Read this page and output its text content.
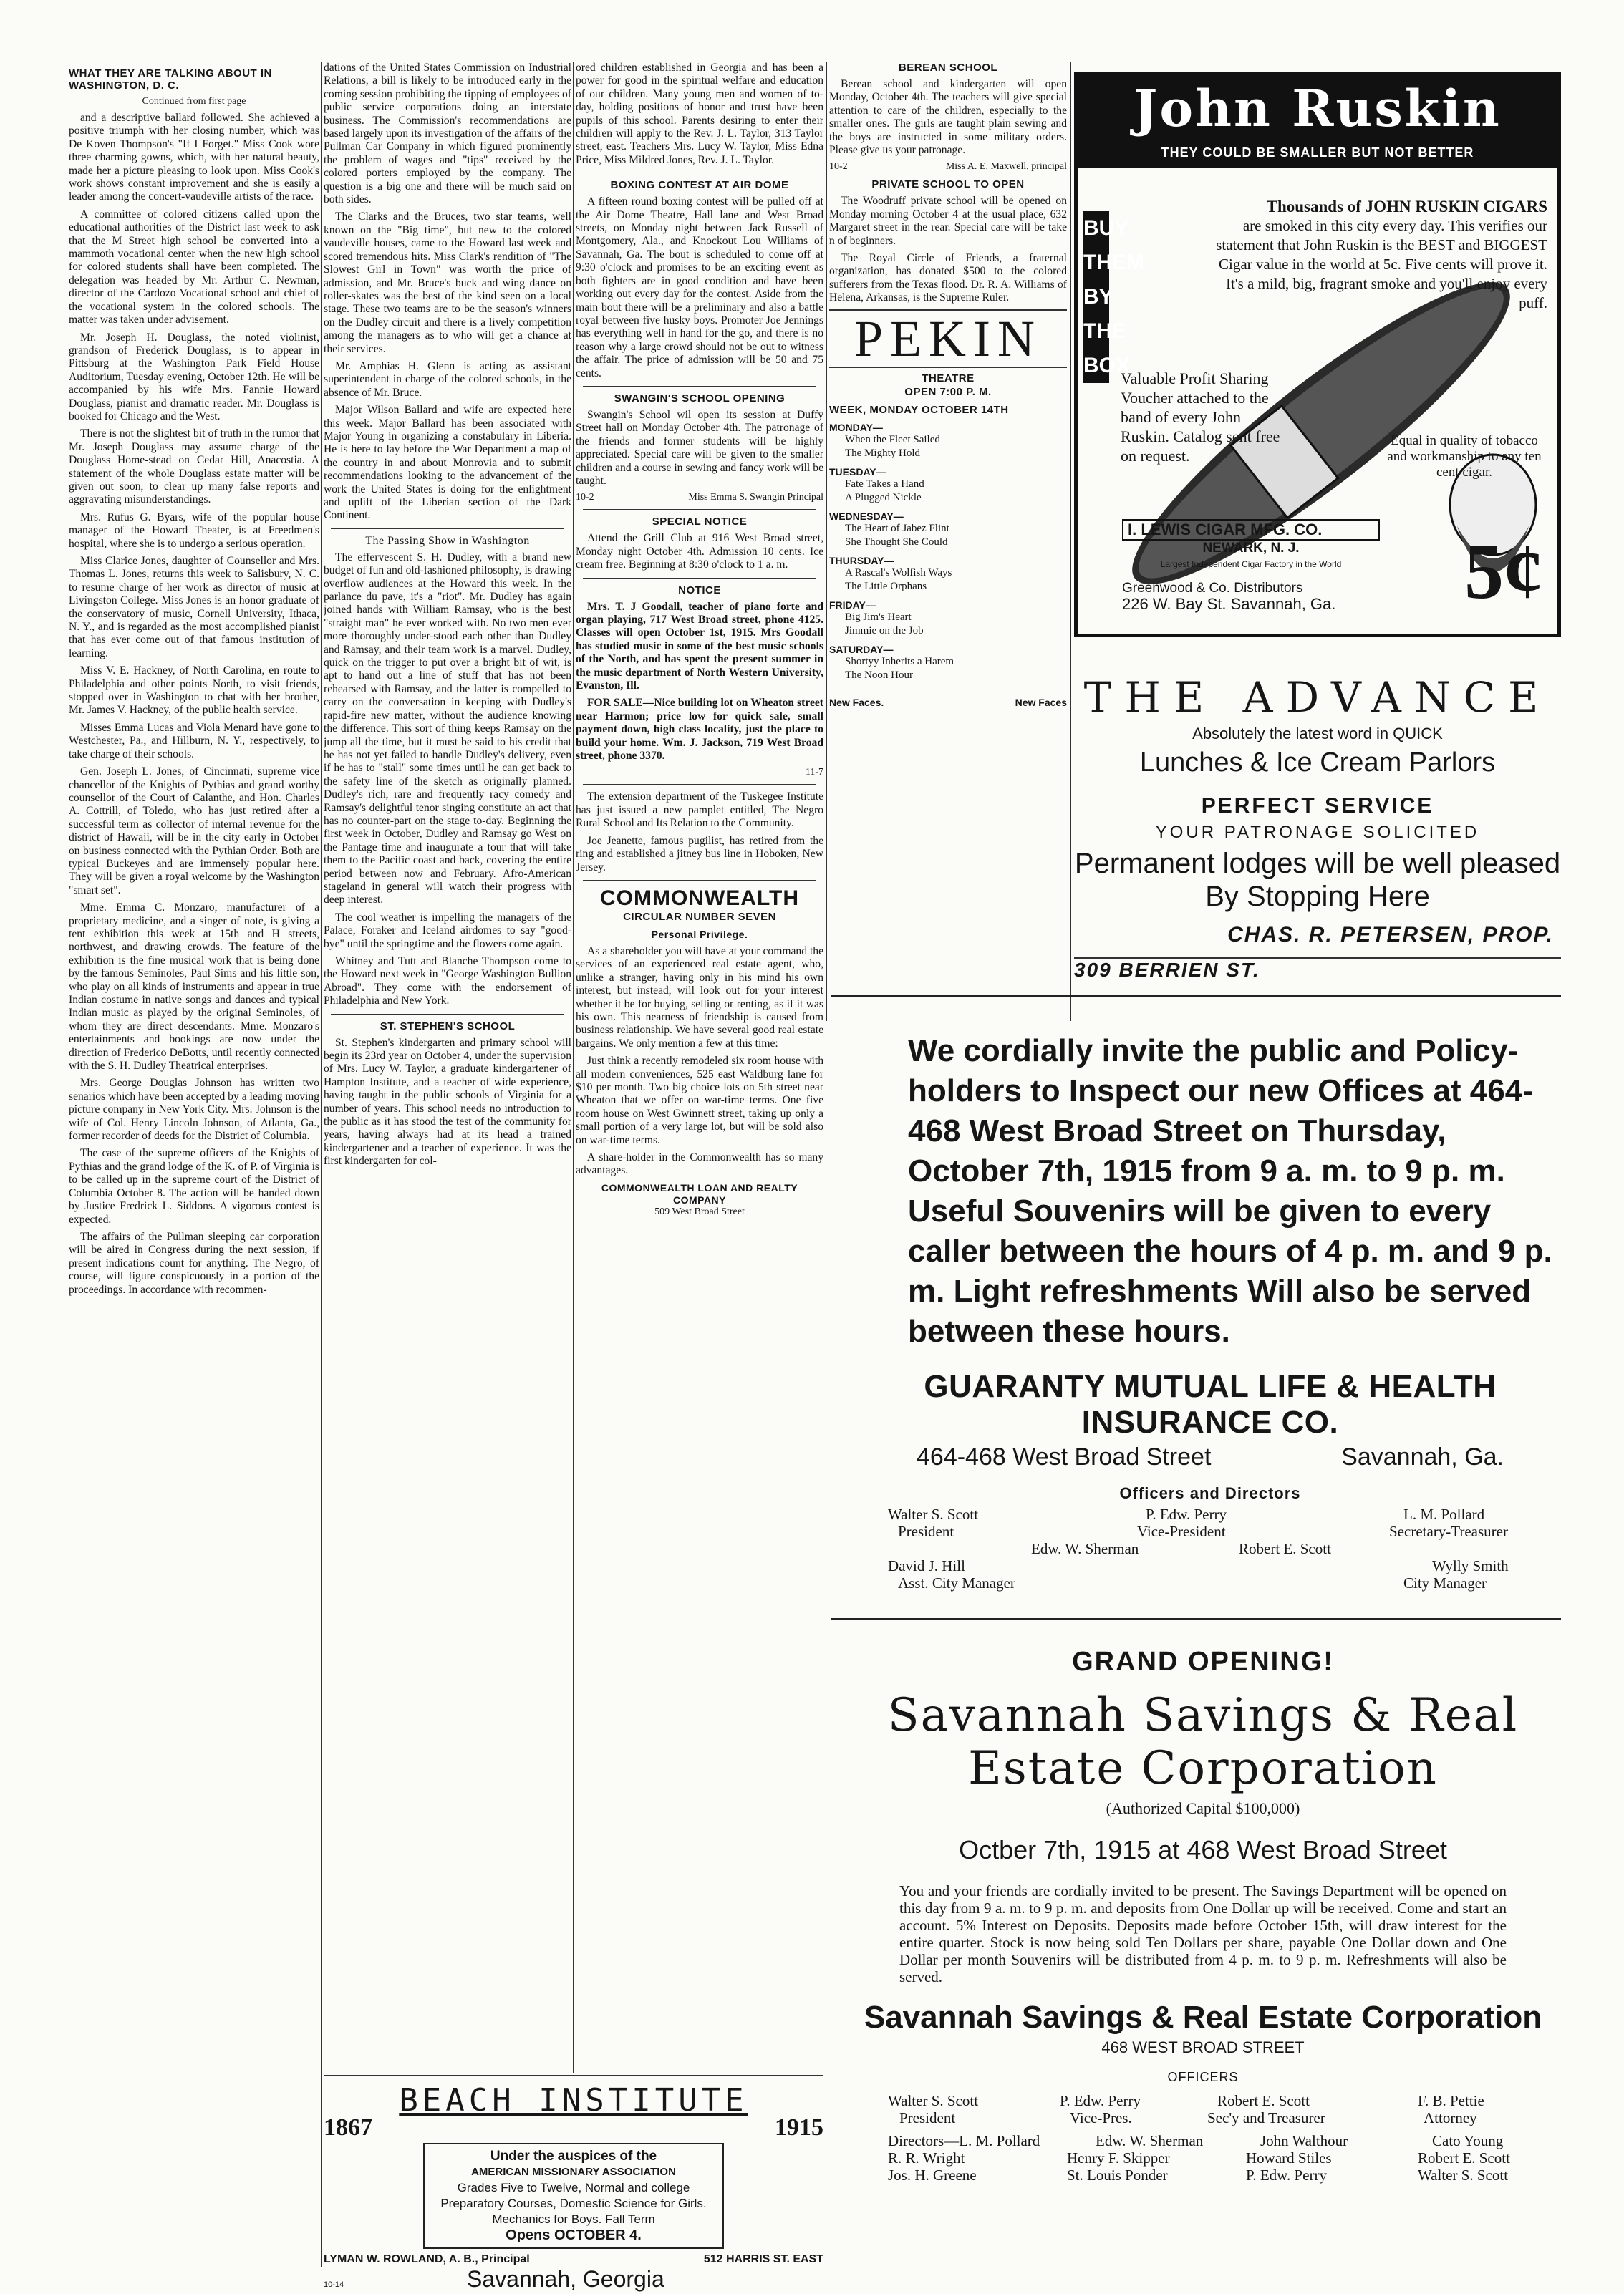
WHAT THEY ARE TALKING ABOUT IN WASHINGTON, D. C.
Continued from first page

and a descriptive ballard followed. She achieved a positive triumph with her closing number, which was De Koven Thompson's "If I Forget." Miss Cook wore three charming gowns, which, with her natural beauty, made her a picture pleasing to look upon. Miss Cook's work shows constant improvement and she is easily a leader among the concert-vaudeville artists of the race.

A committee of colored citizens called upon the educational authorities of the District last week to ask that the M Street high school be converted into a mammoth vocational center when the new high school for colored students shall have been completed. The delegation was headed by Mr. Arthur C. Newman, director of the Cardozo Vocational school and chief of the vocational system in the colored schools. The matter was taken under advisement.

Mr. Joseph H. Douglass, the noted violinist, grandson of Frederick Douglass, is to appear in Pittsburg at the Washington Park Field House Auditorium, Tuesday evening, October 12th. He will be accompanied by his wife Mrs. Fannie Howard Douglass, pianist and dramatic reader. Mr. Douglass is booked for Chicago and the West.

There is not the slightest bit of truth in the rumor that Mr. Joseph Douglass may assume charge of the Douglass Home-stead on Cedar Hill, Anacostia. A statement of the whole Douglass estate matter will be given out soon, to clear up many false reports and aggravating misunderstandings.

Mrs. Rufus G. Byars, wife of the popular house manager of the Howard Theater, is at Freedmen's hospital, where she is to undergo a serious operation.

Miss Clarice Jones, daughter of Counsellor and Mrs. Thomas L. Jones, returns this week to Salisbury, N. C. to resume charge of her work as director of music at Livingston College. Miss Jones is an honor graduate of the conservatory of music, Cornell University, Ithaca, N. Y., and is regarded as the most accomplished pianist that has ever come out of that famous institution of learning.

Miss V. E. Hackney, of North Carolina, en route to Philadelphia and other points North, to visit friends, stopped over in Washington to chat with her brother, Mr. James V. Hackney, of the public health service.

Misses Emma Lucas and Viola Menard have gone to Westchester, Pa., and Hillburn, N. Y., respectively, to take charge of their schools.

Gen. Joseph L. Jones, of Cincinnati, supreme vice chancellor of the Knights of Pythias and grand worthy counsellor of the Court of Calanthe, and Hon. Charles A. Cottrill, of Toledo, who has just retired after a successful term as collector of internal revenue for the district of Hawaii, will be in the city early in October on business connected with the Pythian Order. Both are typical Buckeyes and are immensely popular here. They will be given a royal welcome by the Washington "smart set".

Mme. Emma C. Monzaro, manufacturer of a proprietary medicine, and a singer of note, is giving a tent exhibition this week at 15th and H streets, northwest, and drawing crowds. The feature of the exhibition is the fine musical work that is being done by the famous Seminoles, Paul Sims and his little son, who play on all kinds of instruments and appear in true Indian costume in native songs and dances and typical Indian music as played by the original Seminoles, of whom they are direct descendants. Mme. Monzaro's entertainments and bookings are now under the direction of Frederico DeBotts, until recently connected with the S. H. Dudley Theatrical enterprises.

Mrs. George Douglas Johnson has written two senarios which have been accepted by a leading moving picture company in New York City. Mrs. Johnson is the wife of Col. Henry Lincoln Johnson, of Atlanta, Ga., former recorder of deeds for the District of Columbia.

The case of the supreme officers of the Knights of Pythias and the grand lodge of the K. of P. of Virginia is to be called up in the supreme court of the District of Columbia October 8. The action will be handed down by Justice Fredrick L. Siddons. A vigorous contest is expected.

The affairs of the Pullman sleeping car corporation will be aired in Congress during the next session, if present indications count for anything. The Negro, of course, will figure conspicuously in a portion of the proceedings. In accordance with recommen-

dations of the United States Commission on Industrial Relations, a bill is likely to be introduced early in the coming session prohibiting the tipping of employees of public service corporations doing an interstate business. The Commission's recommendations are based largely upon its investigation of the affairs of the Pullman Car Company in which figured prominently the problem of wages and "tips" received by the colored porters employed by the company. The question is a big one and there will be much said on both sides.

The Clarks and the Bruces, two star teams, well known on the "Big time", but new to the colored vaudeville houses, came to the Howard last week and scored tremendous hits. Miss Clark's rendition of "The Slowest Girl in Town" was worth the price of admission, and Mr. Bruce's buck and wing dance on roller-skates was the best of the kind seen on a local stage. These two teams are to be the season's winners on the Dudley circuit and there is a lively competition among the managers as to who will get a chance at their services.

Mr. Amphias H. Glenn is acting as assistant superintendent in charge of the colored schools, in the absence of Mr. Bruce.

Major Wilson Ballard and wife are expected here this week. Major Ballard has been associated with Major Young in organizing a constabulary in Liberia. He is here to lay before the War Department a map of the country in and about Monrovia and to submit recommendations looking to the advancement of the work the United States is doing for the enlightment and uplift of the Liberian section of the Dark Continent.

The Passing Show in Washington

The effervescent S. H. Dudley, with a brand new budget of fun and old-fashioned philosophy, is drawing overflow audiences at the Howard this week. In the parlance du pave, it's a "riot". Mr. Dudley has again joined hands with William Ramsay, who is the best "straight man" he ever worked with. No two men ever more thoroughly under-stood each other than Dudley and Ramsay, and their team work is a marvel. Dudley, quick on the trigger to put over a bright bit of wit, is apt to hand out a line of stuff that has not been rehearsed with Ramsay, and the latter is compelled to carry on the conversation in keeping with Dudley's rapid-fire new matter, without the audience knowing the difference. This sort of thing keeps Ramsay on the jump all the time, but it must be said to his credit that he has not yet failed to handle Dudley's delivery, even if he has to "stall" some times until he can get back to the safety line of the sketch as originally planned. Dudley's rich, rare and frequently racy comedy and Ramsay's delightful tenor singing constitute an act that has no counter-part on the stage to-day. Beginning the first week in October, Dudley and Ramsay go West on the Pantage time and inaugurate a tour that will take them to the Pacific coast and back, covering the entire period between now and February. Afro-American stageland in general will watch their progress with deep interest.

The cool weather is impelling the managers of the Palace, Foraker and Iceland airdomes to say "good-bye" until the springtime and the flowers come again.

Whitney and Tutt and Blanche Thompson come to the Howard next week in "George Washington Bullion Abroad". They come with the endorsement of Philadelphia and New York.

ST. STEPHEN'S SCHOOL

St. Stephen's kindergarten and primary school will begin its 23rd year on October 4, under the supervision of Mrs. Lucy W. Taylor, a graduate kindergartener of Hampton Institute, and a teacher of wide experience, having taught in the public schools of Virginia for a number of years. This school needs no introduction to the public as it has stood the test of the community for years, having always had at its head a trained kindergartener and a teacher of experience. It was the first kindergarten for col-

ored children established in Georgia and has been a power for good in the spiritual welfare and education of our children. Many young men and women of to-day, holding positions of honor and trust have been pupils of this school. Parents desiring to enter their children will apply to the Rev. J. L. Taylor, 313 Taylor street, east. Teachers Mrs. Lucy W. Taylor, Miss Edna Price, Miss Mildred Jones, Rev. J. L. Taylor.

BOXING CONTEST AT AIR DOME

A fifteen round boxing contest will be pulled off at the Air Dome Theatre, Hall lane and West Broad streets, on Monday night between Jack Russell of Montgomery, Ala., and Knockout Lou Williams of Savannah, Ga. The bout is scheduled to come off at 9:30 o'clock and promises to be an exciting event as both fighters are in good condition and have been working out every day for the contest. Aside from the main bout there will be a preliminary and also a battle royal between five husky boys. Promoter Joe Jennings has everything well in hand for the go, and there is no reason why a large crowd should not be out to witness the affair. The price of admission will be 50 and 75 cents.

SWANGIN'S SCHOOL OPENING

Swangin's School wil open its session at Duffy Street hall on Monday October 4th. The patronage of the friends and former students will be highly appreciated. Special care will be given to the smaller children and a course in sewing and fancy work will be taught.

10-2	Miss Emma S. Swangin Principal
SPECIAL NOTICE

Attend the Grill Club at 916 West Broad street, Monday night October 4th. Admission 10 cents. Ice cream free. Beginning at 8:30 o'clock to 1 a. m.

NOTICE

Mrs. T. J Goodall, teacher of piano forte and organ playing, 717 West Broad street, phone 4125. Classes will open October 1st, 1915. Mrs Goodall has studied music in some of the best music schools of the North, and has spent the present summer in the music department of North Western University, Evanston, Ill.

FOR SALE—Nice building lot on Wheaton street near Harmon; price low for quick sale, small payment down, high class locality, just the place to build your home. Wm. J. Jackson, 719 West Broad street, phone 3370.

11-7

The extension department of the Tuskegee Institute has just issued a new pamplet entitled, The Negro Rural School and Its Relation to the Community.

Joe Jeanette, famous pugilist, has retired from the ring and established a jitney bus line in Hoboken, New Jersey.

COMMONWEALTH
CIRCULAR NUMBER SEVEN
Personal Privilege.

As a shareholder you will have at your command the services of an experienced real estate agent, who, unlike a stranger, having only in his mind his own interest, but instead, will look out for your interest whether it be for buying, selling or renting, as if it was his own. This nearness of friendship is caused from business relationship. We have several good real estate bargains. We only mention a few at this time:

Just think a recently remodeled six room house with all modern conveniences, 525 east Waldburg lane for $10 per month. Two big choice lots on 5th street near Wheaton that we offer on war-time terms. One five room house on West Gwinnett street, taking up only a small portion of a very large lot, but will be sold also on war-time terms.

A share-holder in the Commonwealth has so many advantages.

COMMONWEALTH LOAN AND REALTY COMPANY
509 West Broad Street
BEREAN SCHOOL

Berean school and kindergarten will open Monday, October 4th. The teachers will give special attention to care of the children, especially to the smaller ones. The girls are taught plain sewing and the boys are instructed in some military orders. Please give us your patronage.

10-2	Miss A. E. Maxwell, principal
PRIVATE SCHOOL TO OPEN

The Woodruff private school will be opened on Monday morning October 4 at the usual place, 632 Margaret street in the rear. Special care will be take n of beginners.

The Royal Circle of Friends, a fraternal organization, has donated $500 to the colored sufferers from the Texas flood. Dr. R. A. Williams of Helena, Arkansas, is the Supreme Ruler.

PEKIN
THEATRE
OPEN 7:00 P. M.
WEEK, MONDAY OCTOBER 14TH
MONDAY—
When the Fleet Sailed
The Mighty Hold
TUESDAY—
Fate Takes a Hand
A Plugged Nickle
WEDNESDAY—
The Heart of Jabez Flint
She Thought She Could
THURSDAY—
A Rascal's Wolfish Ways
The Little Orphans
FRIDAY—
Big Jim's Heart
Jimmie on the Job
SATURDAY—
Shortyy Inherits a Harem
The Noon Hour
New Faces.	New Faces
BEACH INSTITUTE
1867	1915
Under the auspices of the
AMERICAN MISSIONARY ASSOCIATION
Grades Five to Twelve, Normal and college Preparatory Courses, Domestic Science for Girls. Mechanics for Boys. Fall Term
Opens OCTOBER 4.
LYMAN W. ROWLAND, A. B., Principal	512 HARRIS ST. EAST
10-14	Savannah, Georgia
John Ruskin
THEY COULD BE SMALLER BUT NOT BETTER
BUY THEM BY THE BOX
Thousands of JOHN RUSKIN CIGARS
are smoked in this city every day. This verifies our statement that John Ruskin is the BEST and BIGGEST Cigar value in the world at 5c. Five cents will prove it. It's a mild, big, fragrant smoke and you'll enjoy every puff.
Valuable Profit Sharing Voucher attached to the band of every John Ruskin. Catalog sent free on request.
Equal in quality of tobacco and workmanship to any ten cent cigar.
I. LEWIS CIGAR MFG. CO.
NEWARK, N. J.
Largest Independent Cigar Factory in the World
Greenwood & Co. Distributors
226 W. Bay St. Savannah, Ga.	5¢
THE ADVANCE
Absolutely the latest word in QUICK
Lunches & Ice Cream Parlors
PERFECT SERVICE
YOUR PATRONAGE SOLICITED
Permanent lodges will be well pleased
By Stopping Here
CHAS. R. PETERSEN, PROP.
309 BERRIEN ST.
We cordially invite the public and Policy-holders to Inspect our new Offices at 464-468 West Broad Street on Thursday, October 7th, 1915 from 9 a. m. to 9 p. m. Useful Souvenirs will be given to every caller between the hours of 4 p. m. and 9 p. m. Light refreshments Will also be served between these hours.
GUARANTY MUTUAL LIFE & HEALTH INSURANCE CO.
464-468 West Broad Street	Savannah, Ga.
Officers and Directors
Walter S. Scott
President
P. Edw. Perry
Vice-President
L. M. Pollard
Secretary-Treasurer
Edw. W. Sherman	Robert E. Scott
David J. Hill
Asst. City Manager
Wylly Smith
City Manager
GRAND OPENING!
Savannah Savings & Real
Estate Corporation
(Authorized Capital $100,000)
Octber 7th, 1915 at 468 West Broad Street
You and your friends are cordially invited to be present. The Savings Department will be opened on this day from 9 a. m. to 9 p. m. and deposits from One Dollar up will be received. Come and start an account. 5% Interest on Deposits. Deposits made before October 15th, will draw interest for the entire quarter. Stock is now being sold Ten Dollars per share, payable One Dollar down and One Dollar per month Souvenirs will be distributed from 4 p. m. to 9 p. m. Refreshments will also be served.
Savannah Savings & Real Estate Corporation
468 WEST BROAD STREET
OFFICERS
Walter S. Scott
President
P. Edw. Perry
Vice-Pres.
Robert E. Scott
Sec'y and Treasurer
F. B. Pettie
Attorney
Directors—L. M. Pollard	Edw. W. Sherman	John Walthour	Cato Young
R. R. Wright	Henry F. Skipper	Howard Stiles	Robert E. Scott
Jos. H. Greene	St. Louis Ponder	P. Edw. Perry	Walter S. Scott
